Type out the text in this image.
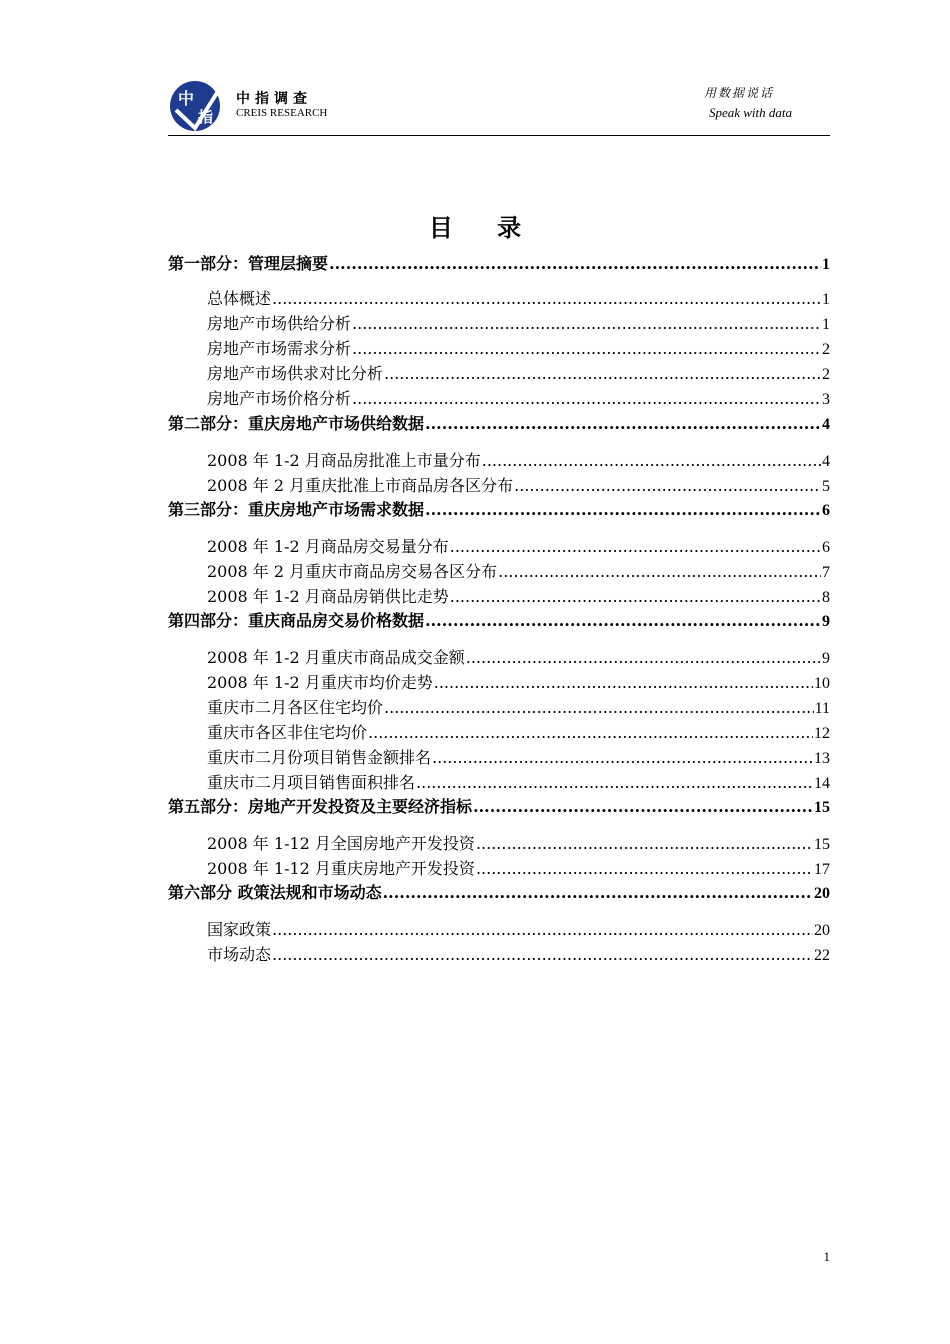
中
指
中指调查
CREIS RESEARCH
用数据说话
Speak with data
目 录
第一部分：管理层摘要 .....	1
总体概述 .....	1
房地产市场供给分析 .....	1
房地产市场需求分析 .....	2
房地产市场供求对比分析 .....	2
房地产市场价格分析 .....	3
第二部分：重庆房地产市场供给数据 .....	4
2008 年 1-2 月商品房批准上市量分布 .....	4
2008 年 2 月重庆批准上市商品房各区分布 .....	5
第三部分：重庆房地产市场需求数据 .....	6
2008 年 1-2 月商品房交易量分布 .....	6
2008 年 2 月重庆市商品房交易各区分布 .....	7
2008 年 1-2 月商品房销供比走势 .....	8
第四部分：重庆商品房交易价格数据 .....	9
2008 年 1-2 月重庆市商品成交金额 .....	9
2008 年 1-2 月重庆市均价走势 .....	10
重庆市二月各区住宅均价 .....	11
重庆市各区非住宅均价 .....	12
重庆市二月份项目销售金额排名 .....	13
重庆市二月项目销售面积排名 .....	14
第五部分：房地产开发投资及主要经济指标 .....	15
2008 年 1-12 月全国房地产开发投资 .....	15
2008 年 1-12 月重庆房地产开发投资 .....	17
第六部分 政策法规和市场动态 .....	20
国家政策 .....	20
市场动态 .....	22
1
